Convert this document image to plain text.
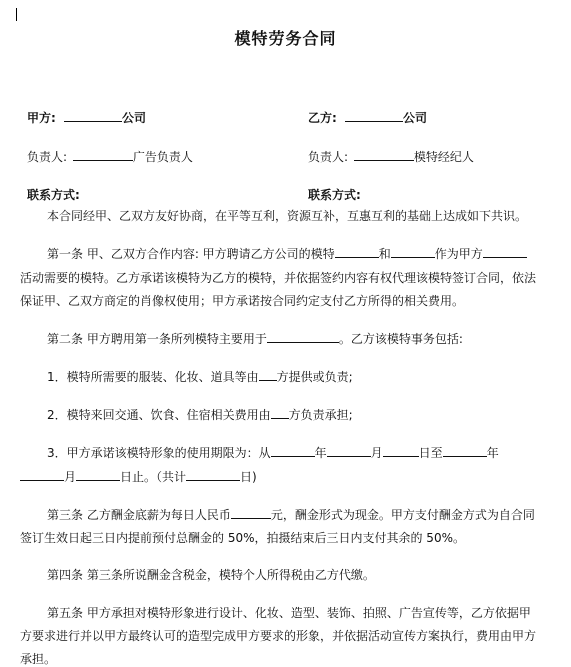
模特劳务合同
甲方:	公司	乙方:	公司
负责人:	广告负责人	负责人:	模特经纪人
联系方式:	联系方式:
本合同经甲、乙双方友好协商，在平等互利，资源互补，互惠互利的基础上达成如下共识。
第一条 甲、乙双方合作内容: 甲方聘请乙方公司的模特	和	作为甲方
活动需要的模特。乙方承诺该模特为乙方的模特，并依据签约内容有权代理该模特签订合同，依法
保证甲、乙双方商定的肖像权使用；甲方承诺按合同约定支付乙方所得的相关费用。
第二条 甲方聘用第一条所列模特主要用于	。乙方该模特事务包括:
1．模特所需要的服装、化妆、道具等由 方提供或负责;
2．模特来回交通、饮食、住宿相关费用由 方负责承担;
3．甲方承诺该模特形象的使用期限为：从	年	月	日至	年
月	日止。（共计	日)
第三条 乙方酬金底薪为每日人民币	元，酬金形式为现金。甲方支付酬金方式为自合同
签订生效日起三日内提前预付总酬金的 50%，拍摄结束后三日内支付其余的 50%。
第四条 第三条所说酬金含税金，模特个人所得税由乙方代缴。
第五条 甲方承担对模特形象进行设计、化妆、造型、装饰、拍照、广告宣传等，乙方依据甲
方要求进行并以甲方最终认可的造型完成甲方要求的形象，并依据活动宣传方案执行，费用由甲方
承担。
